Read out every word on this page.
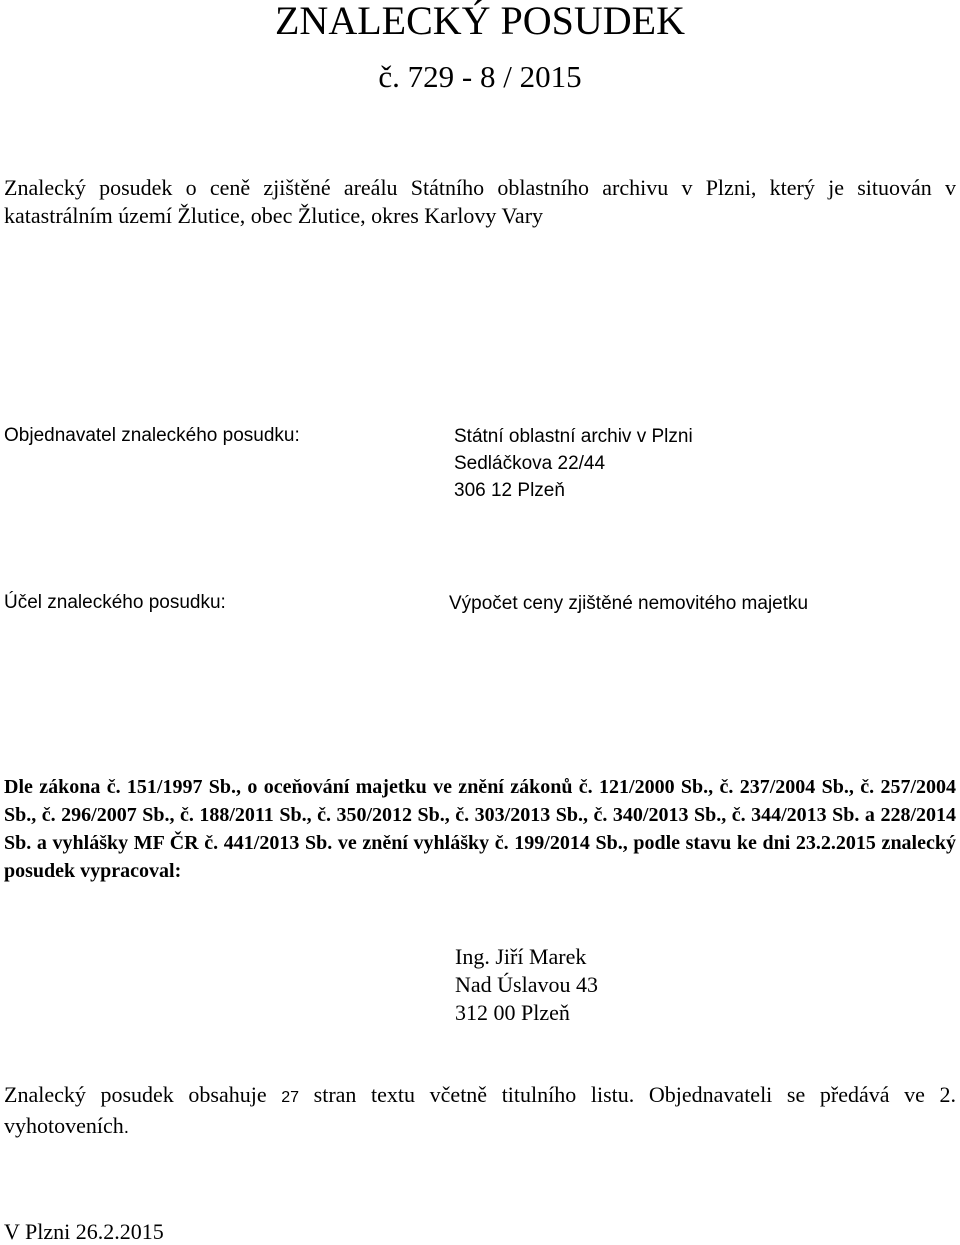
ZNALECKÝ POSUDEK
č. 729 - 8 / 2015
Znalecký posudek o ceně zjištěné areálu Státního oblastního archivu v Plzni, který je situován v katastrálním území Žlutice, obec Žlutice, okres Karlovy Vary
Objednavatel znaleckého posudku:	Státní oblastní archiv v Plzni
Sedláčkova 22/44
306 12 Plzeň
Účel znaleckého posudku:	Výpočet ceny zjištěné nemovitého majetku
Dle zákona č. 151/1997 Sb., o oceňování majetku ve znění zákonů č. 121/2000 Sb., č. 237/2004 Sb., č. 257/2004 Sb., č. 296/2007 Sb., č. 188/2011 Sb., č. 350/2012 Sb., č. 303/2013 Sb., č. 340/2013 Sb., č. 344/2013 Sb. a 228/2014 Sb. a vyhlášky MF ČR č. 441/2013 Sb. ve znění vyhlášky č. 199/2014 Sb., podle stavu ke dni 23.2.2015 znalecký posudek vypracoval:
Ing. Jiří Marek
Nad Úslavou 43
312 00 Plzeň
Znalecký posudek obsahuje 27 stran textu včetně titulního listu. Objednavateli se předává ve 2. vyhotoveních.
V Plzni 26.2.2015
